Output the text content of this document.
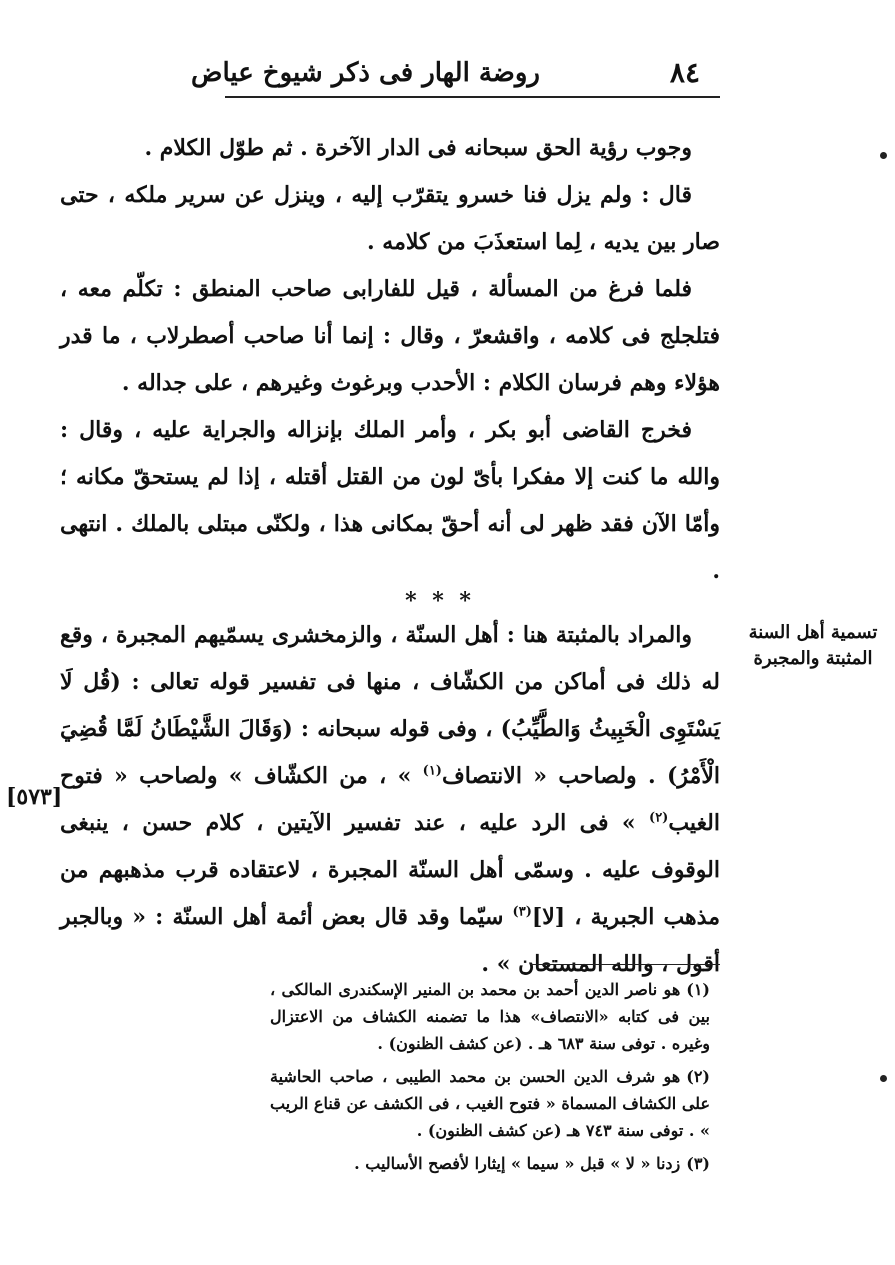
٨٤
روضة الهار فى ذكر شيوخ عياض

وجوب رؤية الحق سبحانه فى الدار الآخرة . ثم طوّل الكلام .

قال : ولم يزل فنا خسرو يتقرّب إليه ، وينزل عن سرير ملكه ، حتى صار بين يديه ، لِما استعذَبَ من كلامه .

فلما فرغ من المسألة ، قيل للفارابى صاحب المنطق : تكلّم معه ، فتلجلج فى كلامه ، واقشعرّ ، وقال : إنما أنا صاحب أصطرلاب ، ما قدر هؤلاء وهم فرسان الكلام : الأحدب وبرغوث وغيرهم ، على جداله .

فخرج القاضى أبو بكر ، وأمر الملك بإنزاله والجراية عليه ، وقال : والله ما كنت إلا مفكرا بأىّ لون من القتل أقتله ، إذا لم يستحقّ مكانه ؛ وأمّا الآن فقد ظهر لى أنه أحقّ بمكانى هذا ، ولكنّى مبتلى بالملك . انتهى .

* * *
تسمية أهل السنة المثبتة والمجبرة
[٥٧٣]

والمراد بالمثبتة هنا : أهل السنّة ، والزمخشرى يسمّيهم المجبرة ، وقع له ذلك فى أماكن من الكشّاف ، منها فى تفسير قوله تعالى : (قُل لَا يَسْتَوِى الْخَبِيثُ وَالطَّيِّبُ) ، وفى قوله سبحانه : (وَقَالَ الشَّيْطَانُ لَمَّا قُضِيَ الْأَمْرُ) . ولصاحب « الانتصاف$^{(١)}$ » ، من الكشّاف » ولصاحب « فتوح الغيب$^{(٢)}$ » فى الرد عليه ، عند تفسير الآيتين ، كلام حسن ، ينبغى الوقوف عليه . وسمّى أهل السنّة المجبرة ، لاعتقاده قرب مذهبهم من مذهب الجبرية ، [لا]$^{(٣)}$ سيّما وقد قال بعض أئمة أهل السنّة : « وبالجبر أقول ، والله المستعان » .

(١)هو ناصر الدين أحمد بن محمد بن المنير الإسكندرى المالكى ، بين فى كتابه «الانتصاف» هذا ما تضمنه الكشاف من الاعتزال وغيره . توفى سنة ٦٨٣ هـ . (عن كشف الظنون) .

(٢)هو شرف الدين الحسن بن محمد الطيبى ، صاحب الحاشية على الكشاف المسماة « فتوح الغيب ، فى الكشف عن قناع الريب » . توفى سنة ٧٤٣ هـ (عن كشف الظنون) .

(٣)زدنا « لا » قبل « سيما » إيثارا لأفصح الأساليب .
